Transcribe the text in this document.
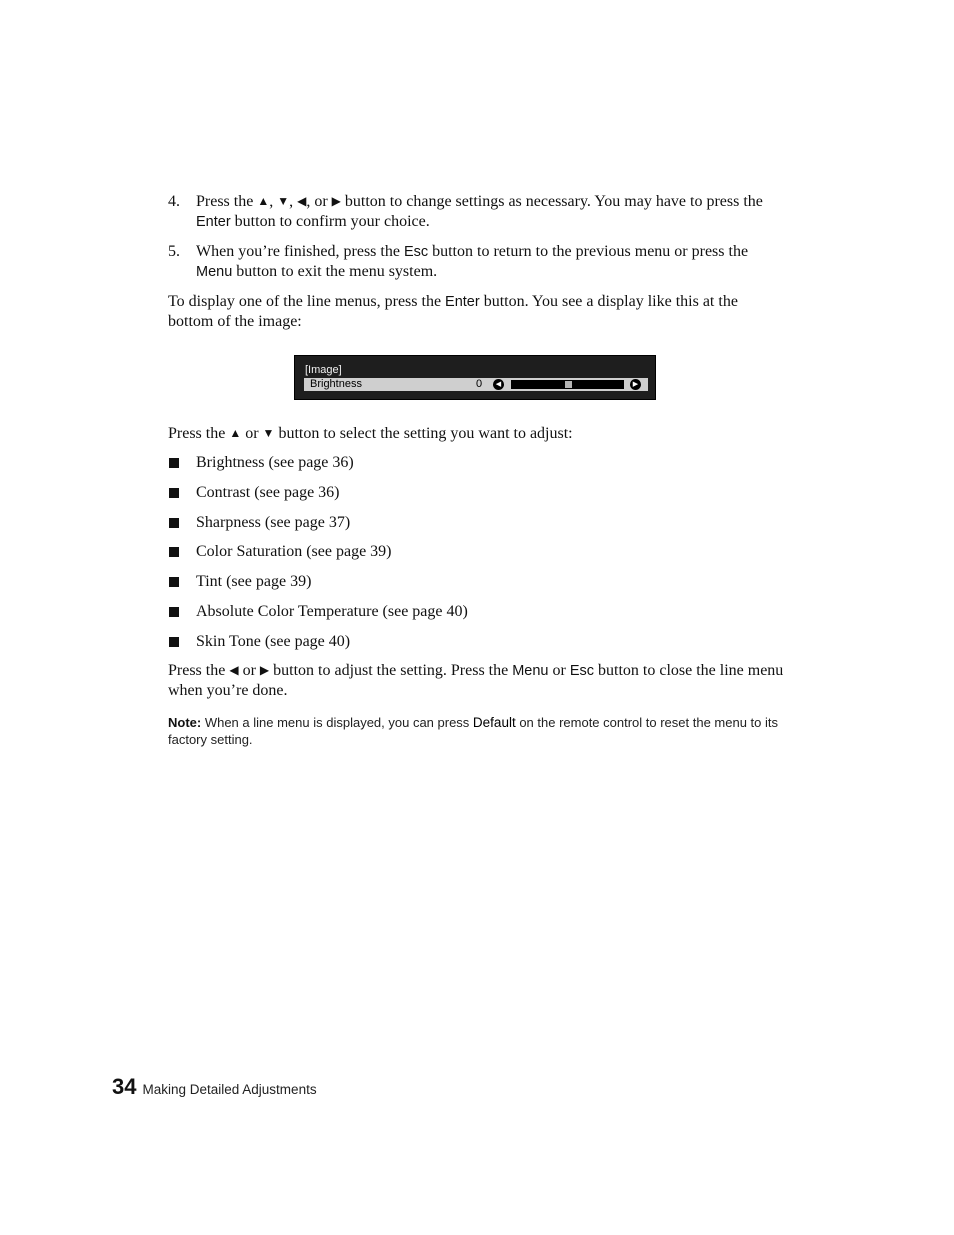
4. Press the ▲, ▼, ◀, or ▶ button to change settings as necessary. You may have to press the
Enter button to confirm your choice.
5. When you’re finished, press the Esc button to return to the previous menu or press the
Menu button to exit the menu system.
To display one of the line menus, press the Enter button. You see a display like this at the bottom of the image:
[Image]
Brightness	0	◀	▶
Press the ▲ or ▼ button to select the setting you want to adjust:
Brightness (see page 36)
Contrast (see page 36)
Sharpness (see page 37)
Color Saturation (see page 39)
Tint (see page 39)
Absolute Color Temperature (see page 40)
Skin Tone (see page 40)
Press the ◀ or ▶ button to adjust the setting. Press the Menu or Esc button to close the line menu when you’re done.
Note: When a line menu is displayed, you can press Default on the remote control to reset the menu to its factory setting.
34 Making Detailed Adjustments
